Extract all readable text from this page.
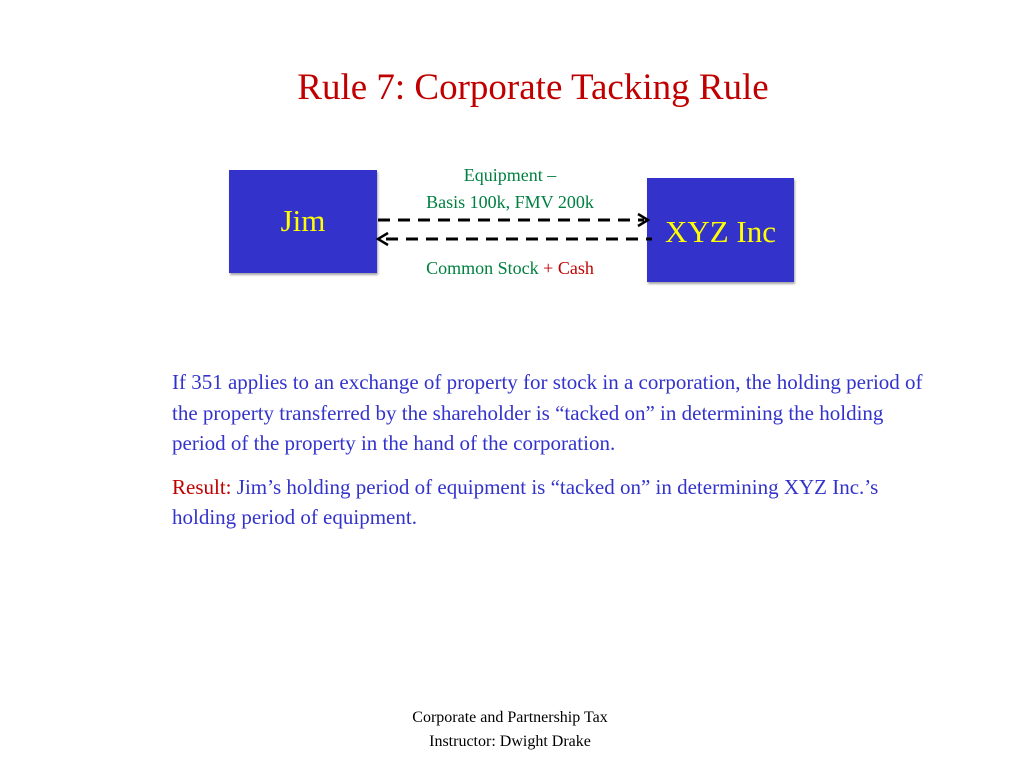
Rule 7: Corporate Tacking Rule
Jim	XYZ Inc
Equipment –
Basis 100k, FMV 200k
Common Stock + Cash

If 351 applies to an exchange of property for stock in a corporation, the holding period of the property transferred by the shareholder is “tacked on” in determining the holding period of the property in the hand of the corporation.

Result: Jim’s holding period of equipment is “tacked on” in determining XYZ Inc.’s holding period of equipment.

Corporate and Partnership Tax
Instructor: Dwight Drake
